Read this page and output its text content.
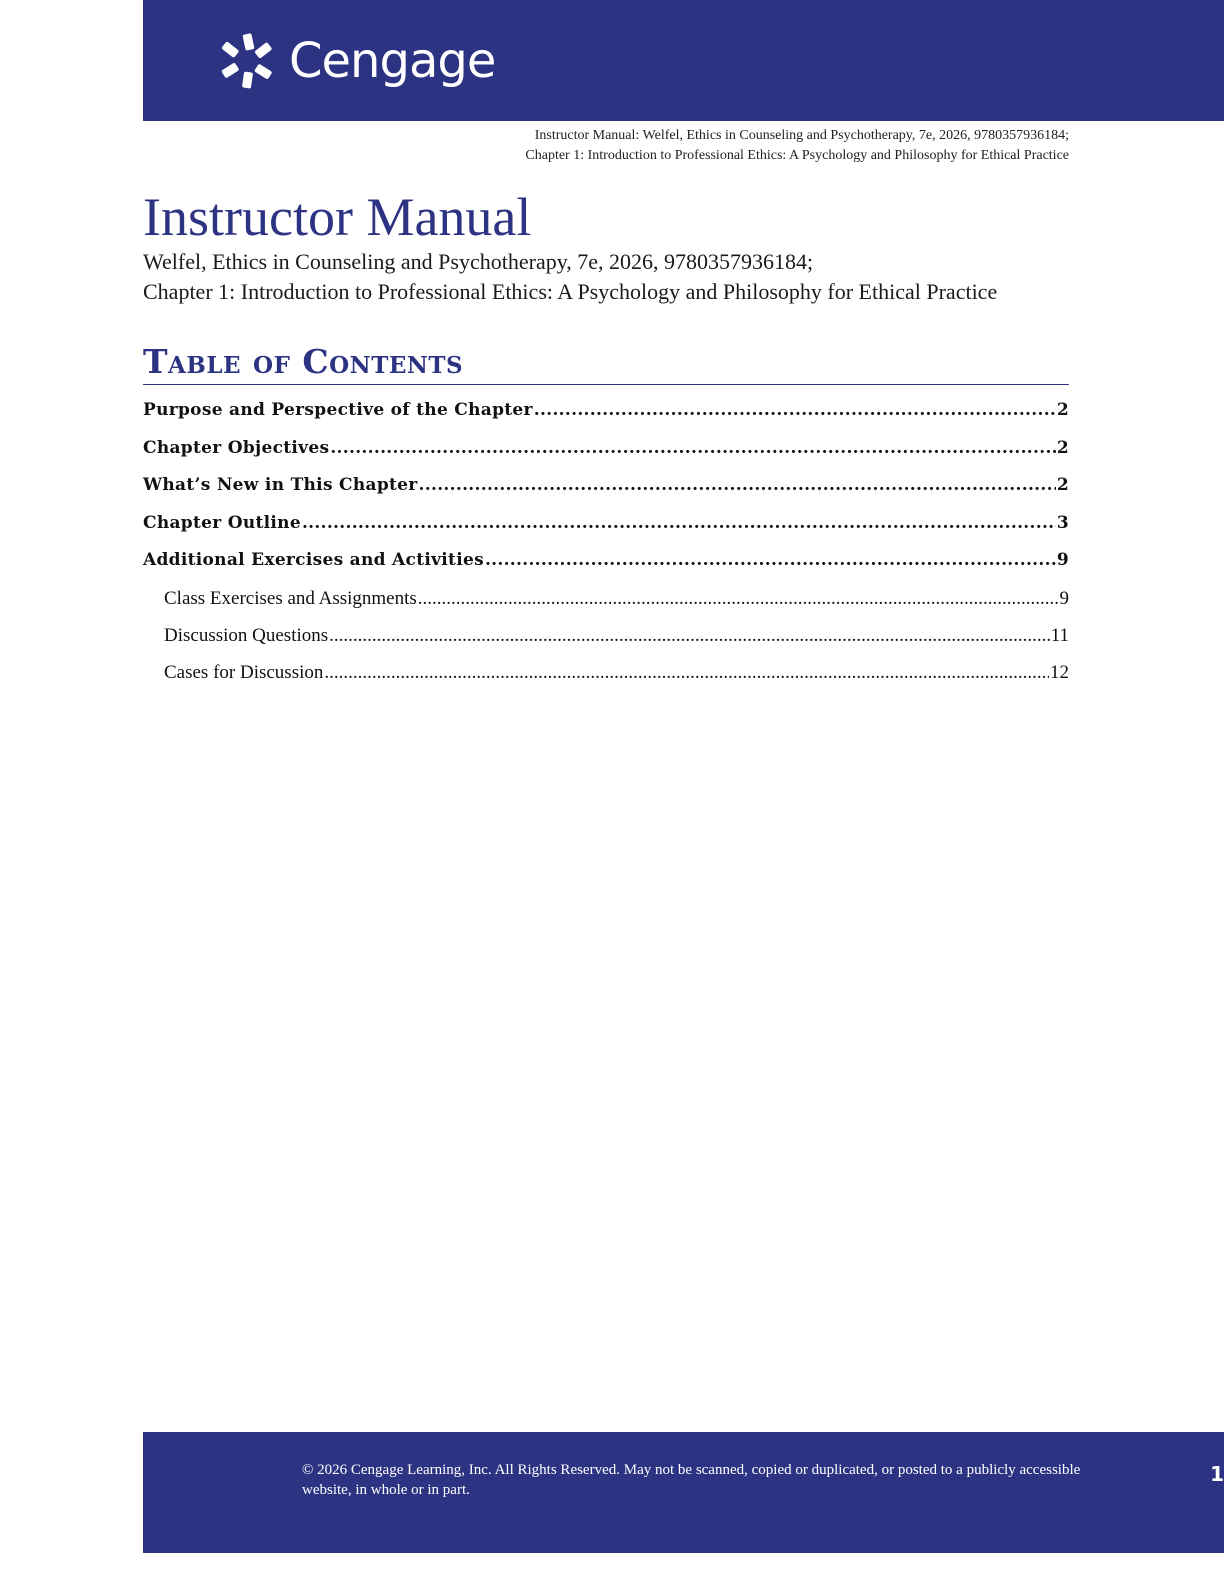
Cengage
Instructor Manual: Welfel, Ethics in Counseling and Psychotherapy, 7e, 2026, 9780357936184;
Chapter 1: Introduction to Professional Ethics: A Psychology and Philosophy for Ethical Practice
Instructor Manual
Welfel, Ethics in Counseling and Psychotherapy, 7e, 2026, 9780357936184;
Chapter 1: Introduction to Professional Ethics: A Psychology and Philosophy for Ethical Practice
Table of Contents
Purpose and Perspective of the Chapter .....	2
Chapter Objectives .....	2
What’s New in This Chapter .....	2
Chapter Outline .....	3
Additional Exercises and Activities .....	9
Class Exercises and Assignments .....	9
Discussion Questions .....	11
Cases for Discussion .....	12
© 2026 Cengage Learning, Inc. All Rights Reserved. May not be scanned, copied or duplicated, or posted to a publicly accessible website, in whole or in part.
1
